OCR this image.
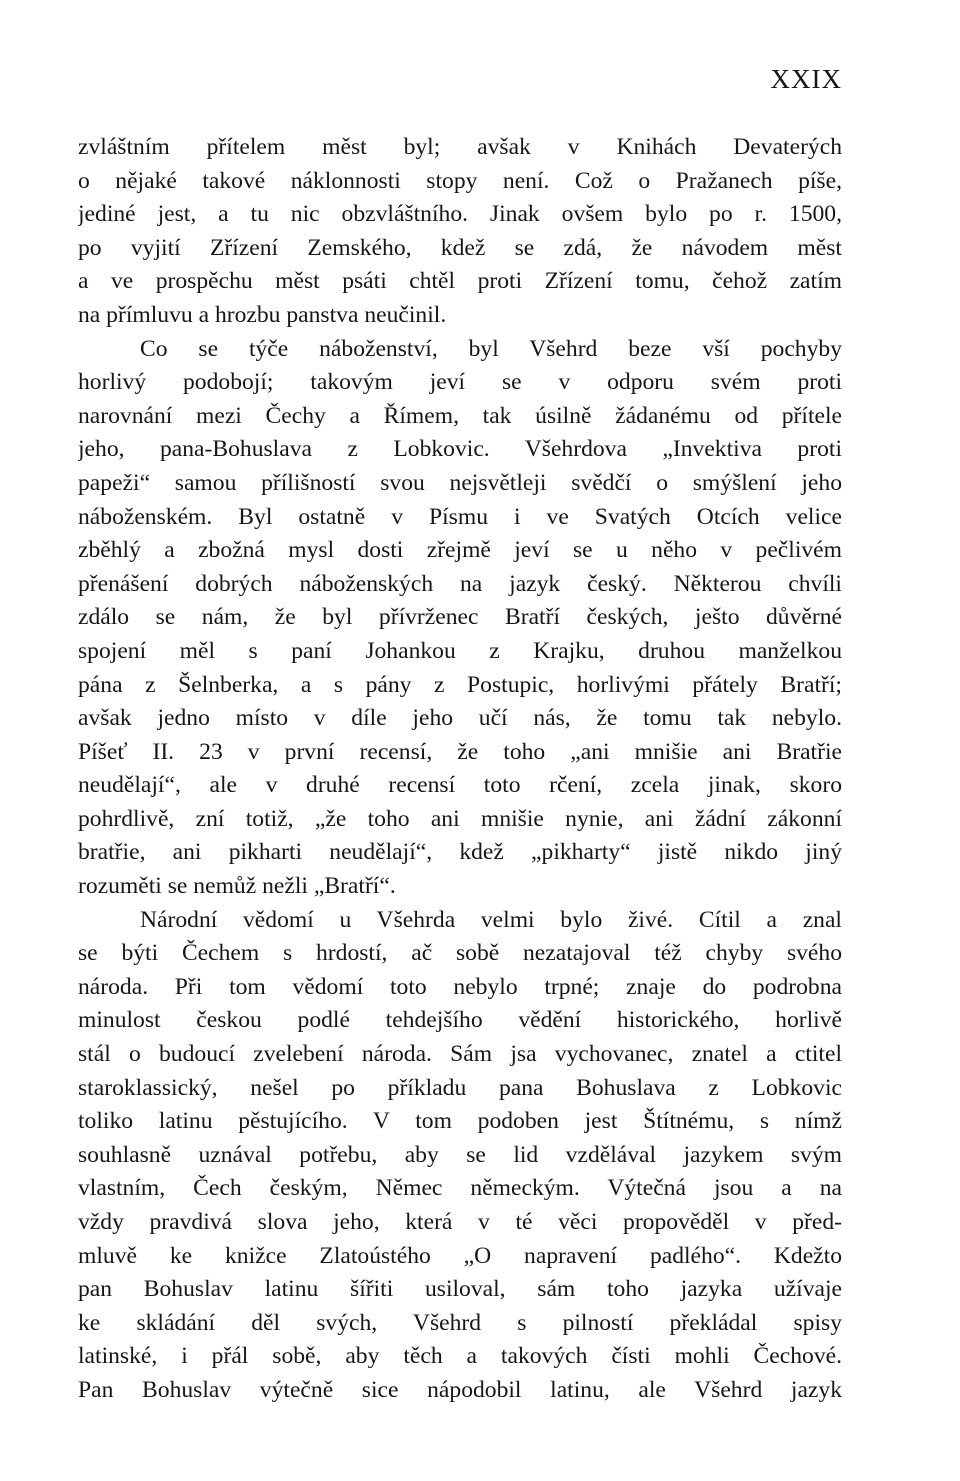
XXIX
zvláštním přítelem měst byl; avšak v Knihách Devaterých
o nějaké takové náklonnosti stopy není. Což o Pražanech píše,
jediné jest, a tu nic obzvláštního. Jinak ovšem bylo po r. 1500,
po vyjití Zřízení Zemského, kdež se zdá, že návodem měst
a ve prospěchu měst psáti chtěl proti Zřízení tomu, čehož zatím
na přímluvu a hrozbu panstva neučinil.
Co se týče náboženství, byl Všehrd beze vší pochyby
horlivý podobojí; takovým jeví se v odporu svém proti
narovnání mezi Čechy a Římem, tak úsilně žádanému od přítele
jeho, pana-Bohuslava z Lobkovic. Všehrdova „Invektiva proti
papeži“ samou přílišností svou nejsvětleji svědčí o smýšlení jeho
náboženském. Byl ostatně v Písmu i ve Svatých Otcích velice
zběhlý a zbožná mysl dosti zřejmě jeví se u něho v pečlivém
přenášení dobrých náboženských na jazyk český. Některou chvíli
zdálo se nám, že byl přívrženec Bratří českých, ješto důvěrné
spojení měl s paní Johankou z Krajku, druhou manželkou
pána z Šelnberka, a s pány z Postupic, horlivými přátely Bratří;
avšak jedno místo v díle jeho učí nás, že tomu tak nebylo.
Píšeť II. 23 v první recensí, že toho „ani mnišie ani Bratřie
neudělají“, ale v druhé recensí toto rčení, zcela jinak, skoro
pohrdlivě, zní totiž, „že toho ani mnišie nynie, ani žádní zákonní
bratřie, ani pikharti neudělají“, kdež „pikharty“ jistě nikdo jiný
rozuměti se nemůž nežli „Bratří“.
Národní vědomí u Všehrda velmi bylo živé. Cítil a znal
se býti Čechem s hrdostí, ač sobě nezatajoval též chyby svého
národa. Při tom vědomí toto nebylo trpné; znaje do podrobna
minulost českou podlé tehdejšího vědění historického, horlivě
stál o budoucí zvelebení národa. Sám jsa vychovanec, znatel a ctitel
staroklassický, nešel po příkladu pana Bohuslava z Lobkovic
toliko latinu pěstujícího. V tom podoben jest Štítnému, s nímž
souhlasně uznával potřebu, aby se lid vzdělával jazykem svým
vlastním, Čech českým, Němec německým. Výtečná jsou a na
vždy pravdivá slova jeho, která v té věci propověděl v před-
mluvě ke knižce Zlatoústého „O napravení padlého“. Kdežto
pan Bohuslav latinu šířiti usiloval, sám toho jazyka užívaje
ke skládání děl svých, Všehrd s pilností překládal spisy
latinské, i přál sobě, aby těch a takových čísti mohli Čechové.
Pan Bohuslav výtečně sice nápodobil latinu, ale Všehrd jazyk
